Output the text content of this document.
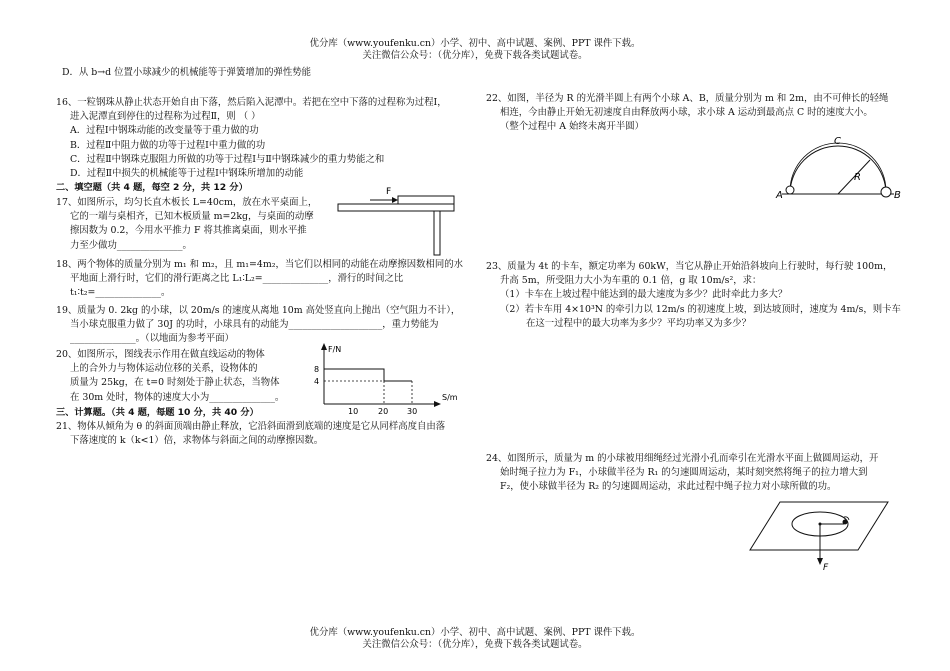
优分库（www.youfenku.cn）小学、初中、高中试题、案例、PPT 课件下载。
关注微信公众号：（优分库），免费下载各类试题试卷。
D．从 b→d 位置小球减少的机械能等于弹簧增加的弹性势能
16、一粒钢珠从静止状态开始自由下落，然后陷入泥潭中。若把在空中下落的过程称为过程Ⅰ，
进入泥潭直到停住的过程称为过程Ⅱ，则 （ ）
A．过程Ⅰ中钢珠动能的改变量等于重力做的功
B．过程Ⅱ中阻力做的功等于过程Ⅰ中重力做的功
C．过程Ⅱ中钢珠克服阻力所做的功等于过程Ⅰ与Ⅱ中钢珠减少的重力势能之和
D．过程Ⅱ中损失的机械能等于过程Ⅰ中钢珠所增加的动能
二、填空题（共 4 题，每空 2 分，共 12 分）
17、如图所示，均匀长直木板长 L=40cm，放在水平桌面上，
它的一端与桌相齐，已知木板质量 m=2kg，与桌面的动摩
擦因数为 0.2，今用水平推力 F 将其推离桌面，则水平推
力至少做功______________。
F
18、两个物体的质量分别为 m₁ 和 m₂，且 m₁=4m₂，当它们以相同的动能在动摩擦因数相同的水
平地面上滑行时，它们的滑行距离之比 L₁∶L₂=______________，滑行的时间之比
t₁∶t₂=______________。
19、质量为 0. 2kg 的小球，以 20m/s 的速度从离地 10m 高处竖直向上抛出（空气阻力不计），
当小球克服重力做了 30J 的功时，小球具有的动能为____________________，重力势能为
______________。（以地面为参考平面）
20、如图所示，图线表示作用在做直线运动的物体
上的合外力与物体运动位移的关系，设物体的
质量为 25kg，在 t=0 时刻处于静止状态，当物体
在 30m 处时，物体的速度大小为______________。
F/N
S/m
8
4
10 20 30
三、计算题。（共 4 题，每题 10 分，共 40 分）
21、物体从倾角为 θ 的斜面顶端由静止释放，它沿斜面滑到底端的速度是它从同样高度自由落
下落速度的 k（k<1）倍，求物体与斜面之间的动摩擦因数。
22、如图，半径为 R 的光滑半圆上有两个小球 A、B，质量分别为 m 和 2m，由不可伸长的轻绳
相连，今由静止开始无初速度自由释放两小球，求小球 A 运动到最高点 C 时的速度大小。
（整个过程中 A 始终未离开半圆）
C
R
A	B
23、质量为 4t 的卡车，额定功率为 60kW，当它从静止开始沿斜坡向上行驶时，每行驶 100m，
升高 5m，所受阻力大小为车重的 0.1 倍，g 取 10m/s²，求：
（1）卡车在上坡过程中能达到的最大速度为多少？此时牵此力多大？
（2）若卡车用 4×10³N 的牵引力以 12m/s 的初速度上坡，到达坡顶时，速度为 4m/s，则卡车
在这一过程中的最大功率为多少？平均功率又为多少？
24、如图所示，质量为 m 的小球被用细绳经过光滑小孔而牵引在光滑水平面上做圆周运动，开
始时绳子拉力为 F₁，小球做半径为 R₁ 的匀速圆周运动，某时刻突然将绳子的拉力增大到
F₂，使小球做半径为 R₂ 的匀速圆周运动，求此过程中绳子拉力对小球所做的功。
F
优分库（www.youfenku.cn）小学、初中、高中试题、案例、PPT 课件下载。
关注微信公众号：（优分库），免费下载各类试题试卷。
